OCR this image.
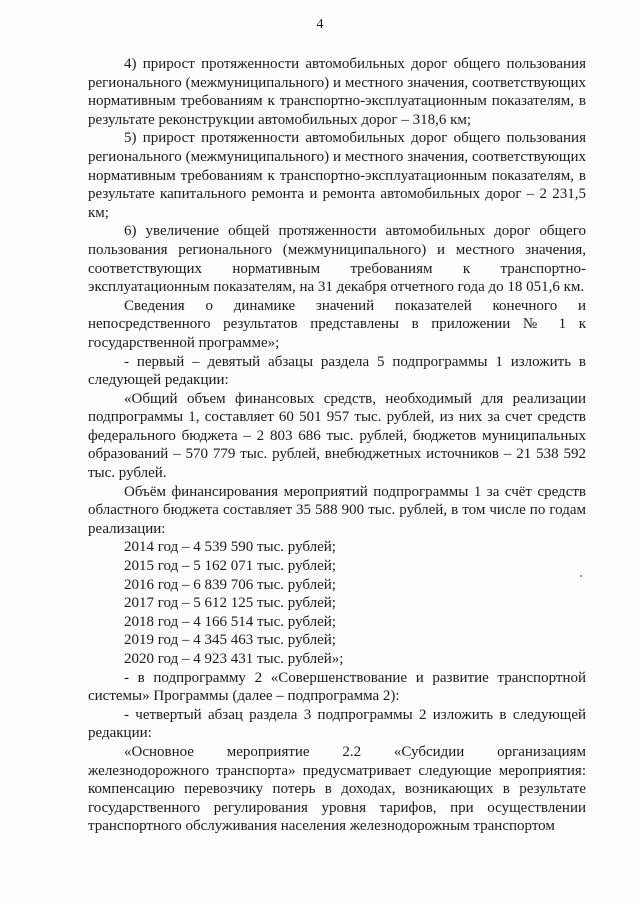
4

4) прирост протяженности автомобильных дорог общего пользования регионального (межмуниципального) и местного значения, соответствующих нормативным требованиям к транспортно-эксплуатационным показателям, в результате реконструкции автомобильных дорог – 318,6 км;

5) прирост протяженности автомобильных дорог общего пользования регионального (межмуниципального) и местного значения, соответствующих нормативным требованиям к транспортно-эксплуатационным показателям, в результате капитального ремонта и ремонта автомобильных дорог – 2 231,5 км;

6) увеличение общей протяженности автомобильных дорог общего пользования регионального (межмуниципального) и местного значения, соответствующих нормативным требованиям к транспортно-эксплуатационным показателям, на 31 декабря отчетного года до 18 051,6 км.

Сведения о динамике значений показателей конечного и непосредственного результатов представлены в приложении № 1 к государственной программе»;

- первый – девятый абзацы раздела 5 подпрограммы 1 изложить в следующей редакции:

«Общий объем финансовых средств, необходимый для реализации подпрограммы 1, составляет 60 501 957 тыс. рублей, из них за счет средств федерального бюджета – 2 803 686 тыс. рублей, бюджетов муниципальных образований – 570 779 тыс. рублей, внебюджетных источников – 21 538 592 тыс. рублей.

Объём финансирования мероприятий подпрограммы 1 за счёт средств областного бюджета составляет 35 588 900 тыс. рублей, в том числе по годам реализации:

2014 год – 4 539 590 тыс. рублей;

2015 год – 5 162 071 тыс. рублей;

2016 год – 6 839 706 тыс. рублей;

2017 год – 5 612 125 тыс. рублей;

2018 год – 4 166 514 тыс. рублей;

2019 год – 4 345 463 тыс. рублей;

2020 год – 4 923 431 тыс. рублей»;

- в подпрограмму 2 «Совершенствование и развитие транспортной системы» Программы (далее – подпрограмма 2):

- четвертый абзац раздела 3 подпрограммы 2 изложить в следующей редакции:

«Основное мероприятие 2.2 «Субсидии организациям железнодорожного транспорта» предусматривает следующие мероприятия: компенсацию перевозчику потерь в доходах, возникающих в результате государственного регулирования уровня тарифов, при осуществлении транспортного обслуживания населения железнодорожным транспортом
